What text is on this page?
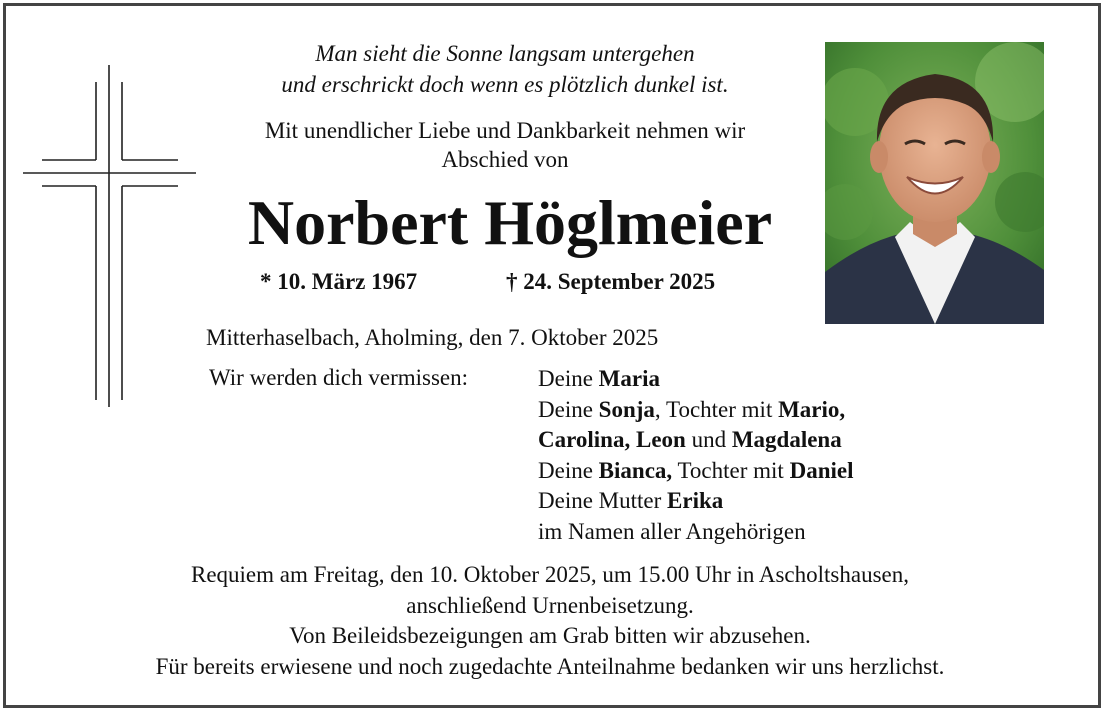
Man sieht die Sonne langsam untergehen
und erschrickt doch wenn es plötzlich dunkel ist.
Mit unendlicher Liebe und Dankbarkeit nehmen wir
Abschied von
Norbert Höglmeier
* 10. März 1967	† 24. September 2025
Mitterhaselbach, Aholming, den 7. Oktober 2025
Wir werden dich vermissen:	Deine Maria
Deine Sonja, Tochter mit Mario,
Carolina, Leon und Magdalena
Deine Bianca, Tochter mit Daniel
Deine Mutter Erika
im Namen aller Angehörigen
Requiem am Freitag, den 10. Oktober 2025, um 15.00 Uhr in Ascholtshausen,
anschließend Urnenbeisetzung.
Von Beileidsbezeigungen am Grab bitten wir abzusehen.
Für bereits erwiesene und noch zugedachte Anteilnahme bedanken wir uns herzlichst.
